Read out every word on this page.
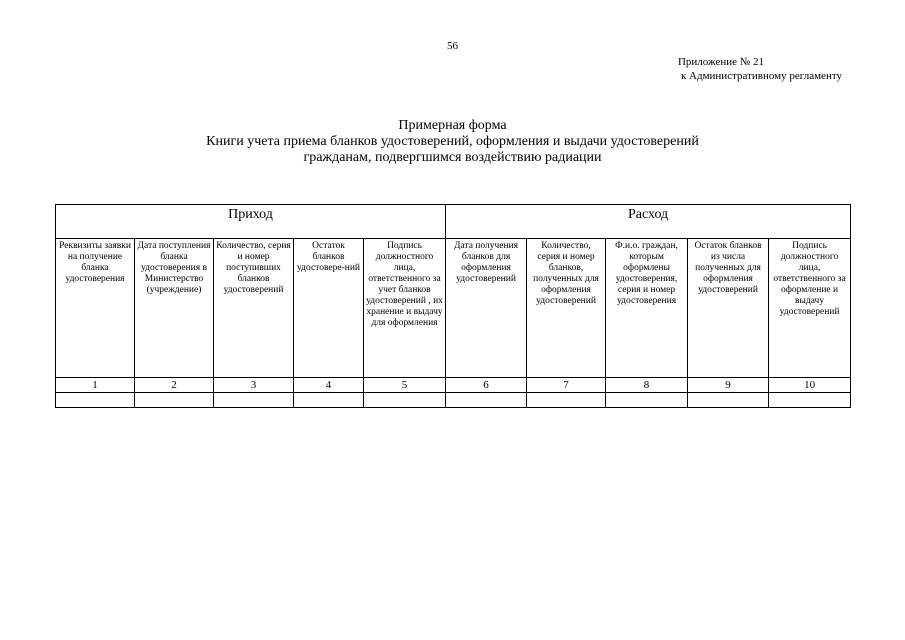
56
Приложение № 21
к Административному регламенту
Примерная форма
Книги учета приема бланков удостоверений, оформления и выдачи удостоверений
гражданам, подвергшимся воздействию радиации
Приход					Расход				
Реквизиты заявки на получение бланка удостоверения	Дата поступления бланка удостоверения в Министерство (учреждение)	Количество, серия и номер поступивших бланков удостоверений	Остаток бланков удостовере-ний	Подпись должностного лица, ответственного за учет бланков удостоверений , их хранение и выдачу для оформления	Дата получения бланков для оформления удостоверений	Количество, серия и номер бланков, полученных для оформления удостоверений	Ф.и.о. граждан, которым оформлены удостоверения, серия и номер удостоверения	Остаток бланков из числа полученных для оформления удостоверений	Подпись должностного лица, ответственного за оформление и выдачу удостоверений
1	2	3	4	5	6	7	8	9	10
